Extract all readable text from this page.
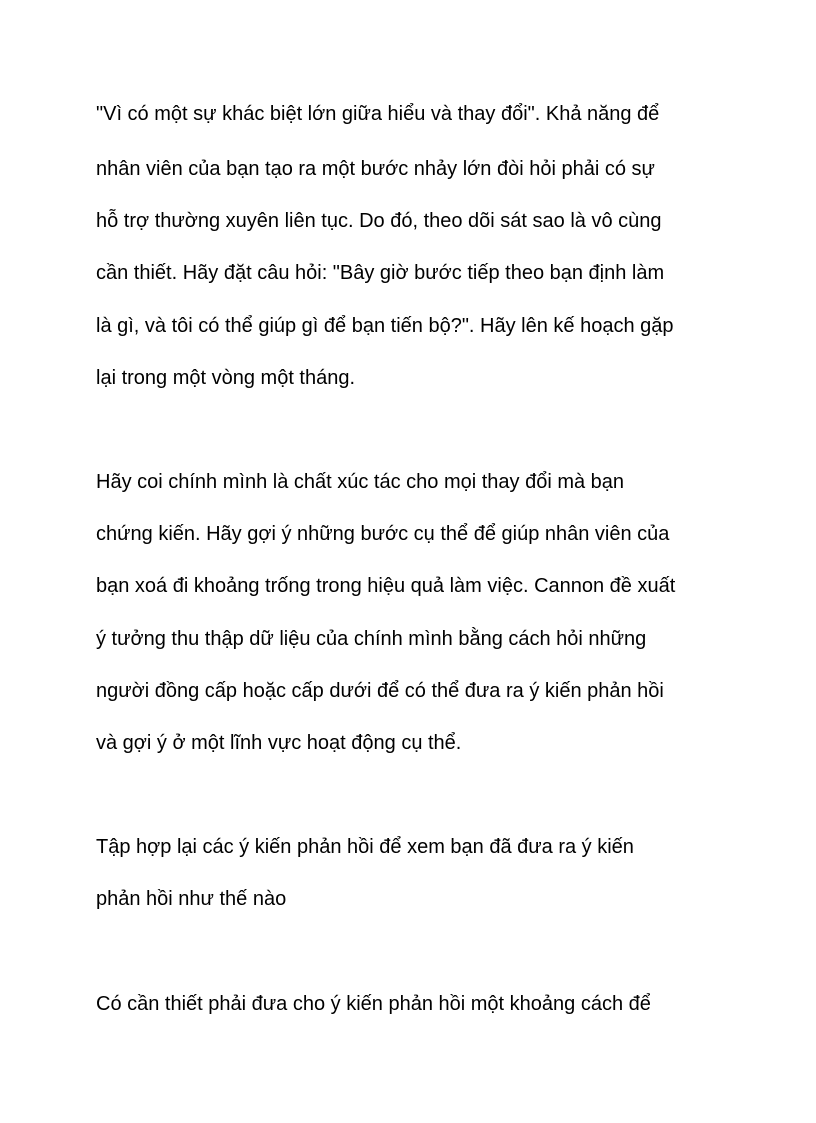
"Vì có một sự khác biệt lớn giữa hiểu và thay đổi". Khả năng để

nhân viên của bạn tạo ra một bước nhảy lớn đòi hỏi phải có sự

hỗ trợ thường xuyên liên tục. Do đó, theo dõi sát sao là vô cùng

cần thiết. Hãy đặt câu hỏi: "Bây giờ bước tiếp theo bạn định làm

là gì, và tôi có thể giúp gì để bạn tiến bộ?". Hãy lên kế hoạch gặp

lại trong một vòng một tháng.

Hãy coi chính mình là chất xúc tác cho mọi thay đổi mà bạn

chứng kiến. Hãy gợi ý những bước cụ thể để giúp nhân viên của

bạn xoá đi khoảng trống trong hiệu quả làm việc. Cannon đề xuất

ý tưởng thu thập dữ liệu của chính mình bằng cách hỏi những

người đồng cấp hoặc cấp dưới để có thể đưa ra ý kiến phản hồi

và gợi ý ở một lĩnh vực hoạt động cụ thể.

Tập hợp lại các ý kiến phản hồi để xem bạn đã đưa ra ý kiến

phản hồi như thế nào

Có cần thiết phải đưa cho ý kiến phản hồi một khoảng cách để
